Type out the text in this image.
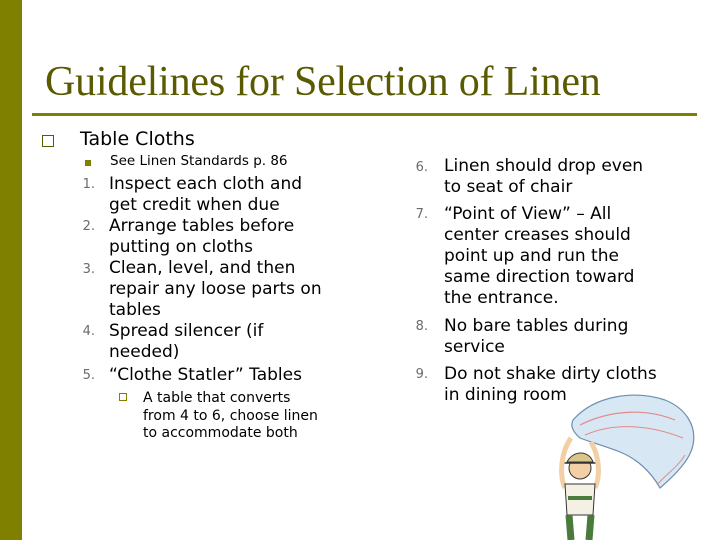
Guidelines for Selection of Linen
Table Cloths
See Linen Standards p. 86
1. Inspect each cloth and
get credit when due
2. Arrange tables before
putting on cloths
3. Clean, level, and then
repair any loose parts on
tables
4. Spread silencer (if
needed)
5. “Clothe Statler” Tables
A table that converts
from 4 to 6, choose linen
to accommodate both
6. Linen should drop even
to seat of chair
7. “Point of View” – All
center creases should
point up and run the
same direction toward
the entrance.
8. No bare tables during
service
9. Do not shake dirty cloths
in dining room
